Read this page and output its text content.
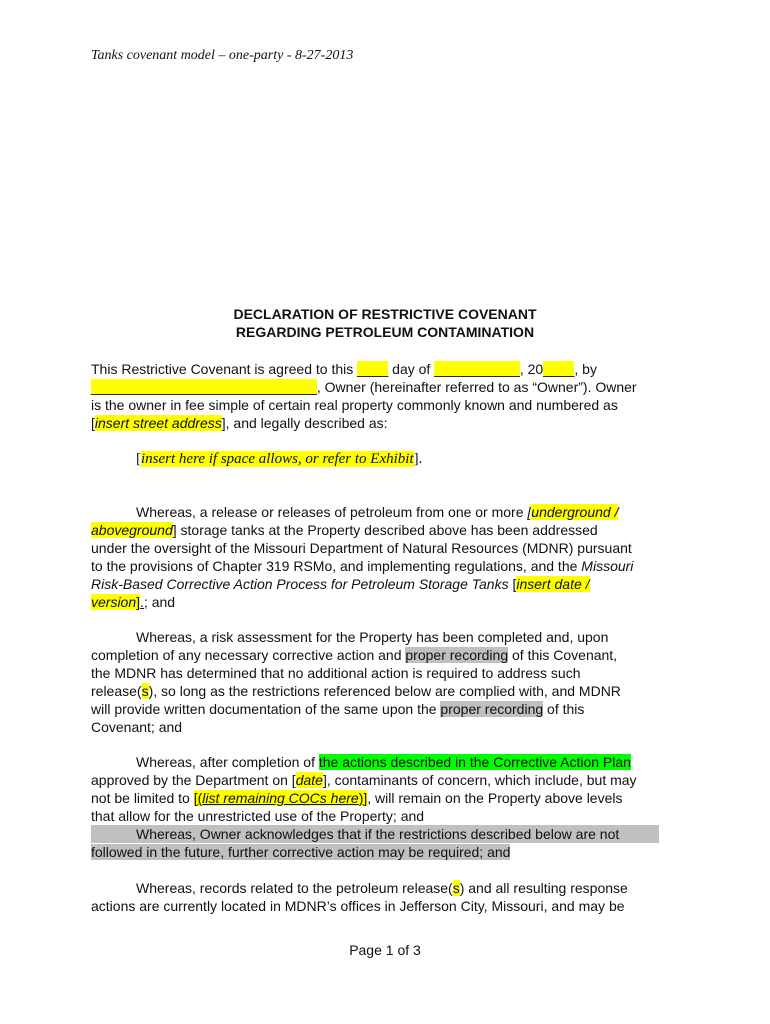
Tanks covenant model – one-party - 8-27-2013
DECLARATION OF RESTRICTIVE COVENANT
REGARDING PETROLEUM CONTAMINATION
This Restrictive Covenant is agreed to this ____ day of ___________, 20____, by
_____________________________, Owner (hereinafter referred to as “Owner”). Owner
is the owner in fee simple of certain real property commonly known and numbered as
[insert street address], and legally described as:
[insert here if space allows, or refer to Exhibit].
Whereas, a release or releases of petroleum from one or more [underground /
aboveground] storage tanks at the Property described above has been addressed
under the oversight of the Missouri Department of Natural Resources (MDNR) pursuant
to the provisions of Chapter 319 RSMo, and implementing regulations, and the Missouri
Risk-Based Corrective Action Process for Petroleum Storage Tanks [insert date /
version].; and
Whereas, a risk assessment for the Property has been completed and, upon
completion of any necessary corrective action and proper recording of this Covenant,
the MDNR has determined that no additional action is required to address such
release(s), so long as the restrictions referenced below are complied with, and MDNR
will provide written documentation of the same upon the proper recording of this
Covenant; and
Whereas, after completion of the actions described in the Corrective Action Plan
approved by the Department on [date], contaminants of concern, which include, but may
not be limited to [(list remaining COCs here)], will remain on the Property above levels
that allow for the unrestricted use of the Property; and
Whereas, Owner acknowledges that if the restrictions described below are not
followed in the future, further corrective action may be required; and
Whereas, records related to the petroleum release(s) and all resulting response
actions are currently located in MDNR’s offices in Jefferson City, Missouri, and may be
Page 1 of 3
